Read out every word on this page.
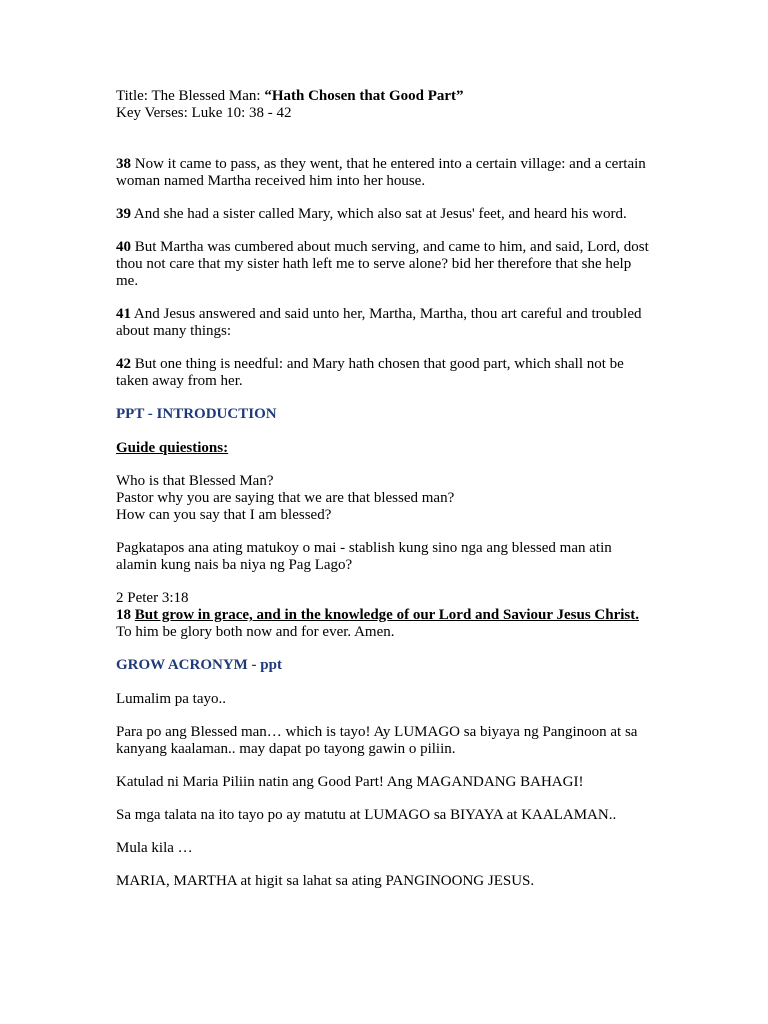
Title: The Blessed Man: “Hath Chosen that Good Part”

Key Verses: Luke 10: 38 - 42

38 Now it came to pass, as they went, that he entered into a certain village: and a certain woman named Martha received him into her house.

39 And she had a sister called Mary, which also sat at Jesus' feet, and heard his word.

40 But Martha was cumbered about much serving, and came to him, and said, Lord, dost thou not care that my sister hath left me to serve alone? bid her therefore that she help me.

41 And Jesus answered and said unto her, Martha, Martha, thou art careful and troubled about many things:

42 But one thing is needful: and Mary hath chosen that good part, which shall not be taken away from her.

PPT - INTRODUCTION

Guide quiestions:

Who is that Blessed Man?

Pastor why you are saying that we are that blessed man?

How can you say that I am blessed?

Pagkatapos ana ating matukoy o mai - stablish kung sino nga ang blessed man atin alamin kung nais ba niya ng Pag Lago?

2 Peter 3:18

18 But grow in grace, and in the knowledge of our Lord and Saviour Jesus Christ. To him be glory both now and for ever. Amen.

GROW ACRONYM - ppt

Lumalim pa tayo..

Para po ang Blessed man… which is tayo! Ay LUMAGO sa biyaya ng Panginoon at sa kanyang kaalaman.. may dapat po tayong gawin o piliin.

Katulad ni Maria Piliin natin ang Good Part! Ang MAGANDANG BAHAGI!

Sa mga talata na ito tayo po ay matutu at LUMAGO sa BIYAYA at KAALAMAN..

Mula kila …

MARIA, MARTHA at higit sa lahat sa ating PANGINOONG JESUS.
